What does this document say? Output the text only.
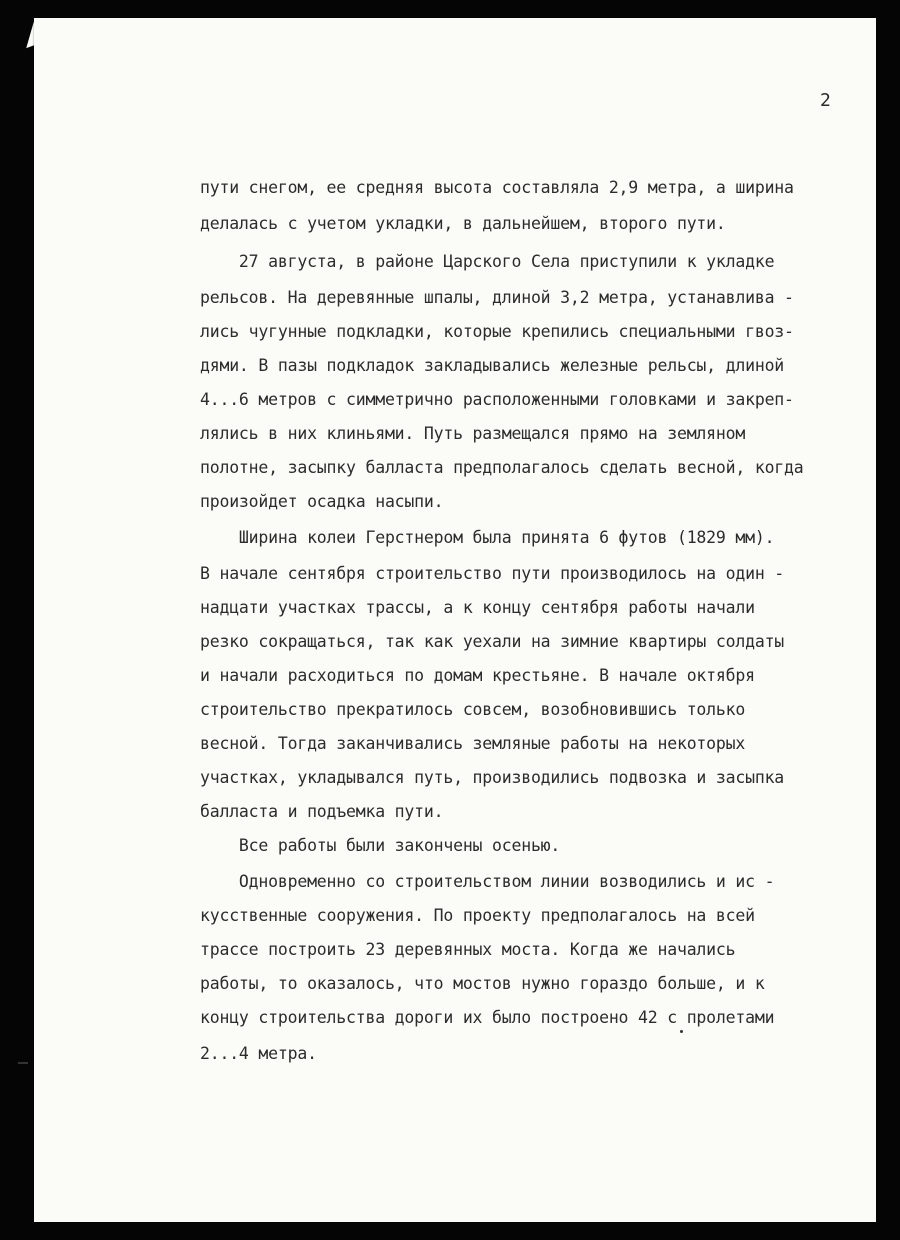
2
пути снегом, ее средняя высота составляла 2,9 метра, а ширина
делалась с учетом укладки, в дальнейшем, второго пути.
27 августа, в районе Царского Села приступили к укладке
рельсов. На деревянные шпалы, длиной 3,2 метра, устанавлива -
лись чугунные подкладки, которые крепились специальными гвоз-
дями. В пазы подкладок закладывались железные рельсы, длиной
4...6 метров с симметрично расположенными головками и закреп-
лялись в них клиньями. Путь размещался прямо на земляном
полотне, засыпку балласта предполагалось сделать весной, когда
произойдет осадка насыпи.
Ширина колеи Герстнером была принята 6 футов (1829 мм).
В начале сентября строительство пути производилось на один -
надцати участках трассы, а к концу сентября работы начали
резко сокращаться, так как уехали на зимние квартиры солдаты
и начали расходиться по домам крестьяне. В начале октября
строительство прекратилось совсем, возобновившись только
весной. Тогда заканчивались земляные работы на некоторых
участках, укладывался путь, производились подвозка и засыпка
балласта и подъемка пути.
Все работы были закончены осенью.
Одновременно со строительством линии возводились и ис -
кусственные сооружения. По проекту предполагалось на всей
трассе построить 23 деревянных моста. Когда же начались
работы, то оказалось, что мостов нужно гораздо больше, и к
концу строительства дороги их было построено 42 с пролетами
2...4 метра.
